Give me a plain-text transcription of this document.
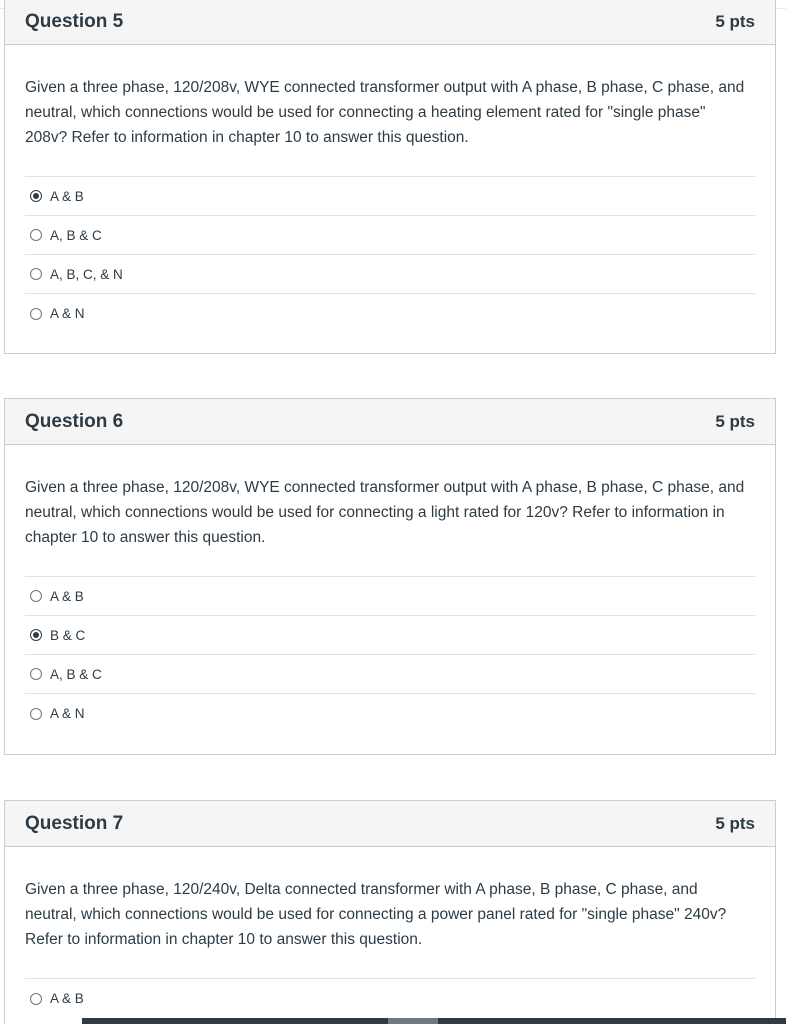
Question 5	5 pts

Given a three phase, 120/208v, WYE connected transformer output with A phase, B phase, C phase, and neutral, which connections would be used for connecting a heating element rated for "single phase" 208v? Refer to information in chapter 10 to answer this question.

A & B
A, B & C
A, B, C, & N
A & N
Question 6	5 pts

Given a three phase, 120/208v, WYE connected transformer output with A phase, B phase, C phase, and neutral, which connections would be used for connecting a light rated for 120v? Refer to information in chapter 10 to answer this question.

A & B
B & C
A, B & C
A & N
Question 7	5 pts

Given a three phase, 120/240v, Delta connected transformer with A phase, B phase, C phase, and neutral, which connections would be used for connecting a power panel rated for "single phase" 240v? Refer to information in chapter 10 to answer this question.

A & B
